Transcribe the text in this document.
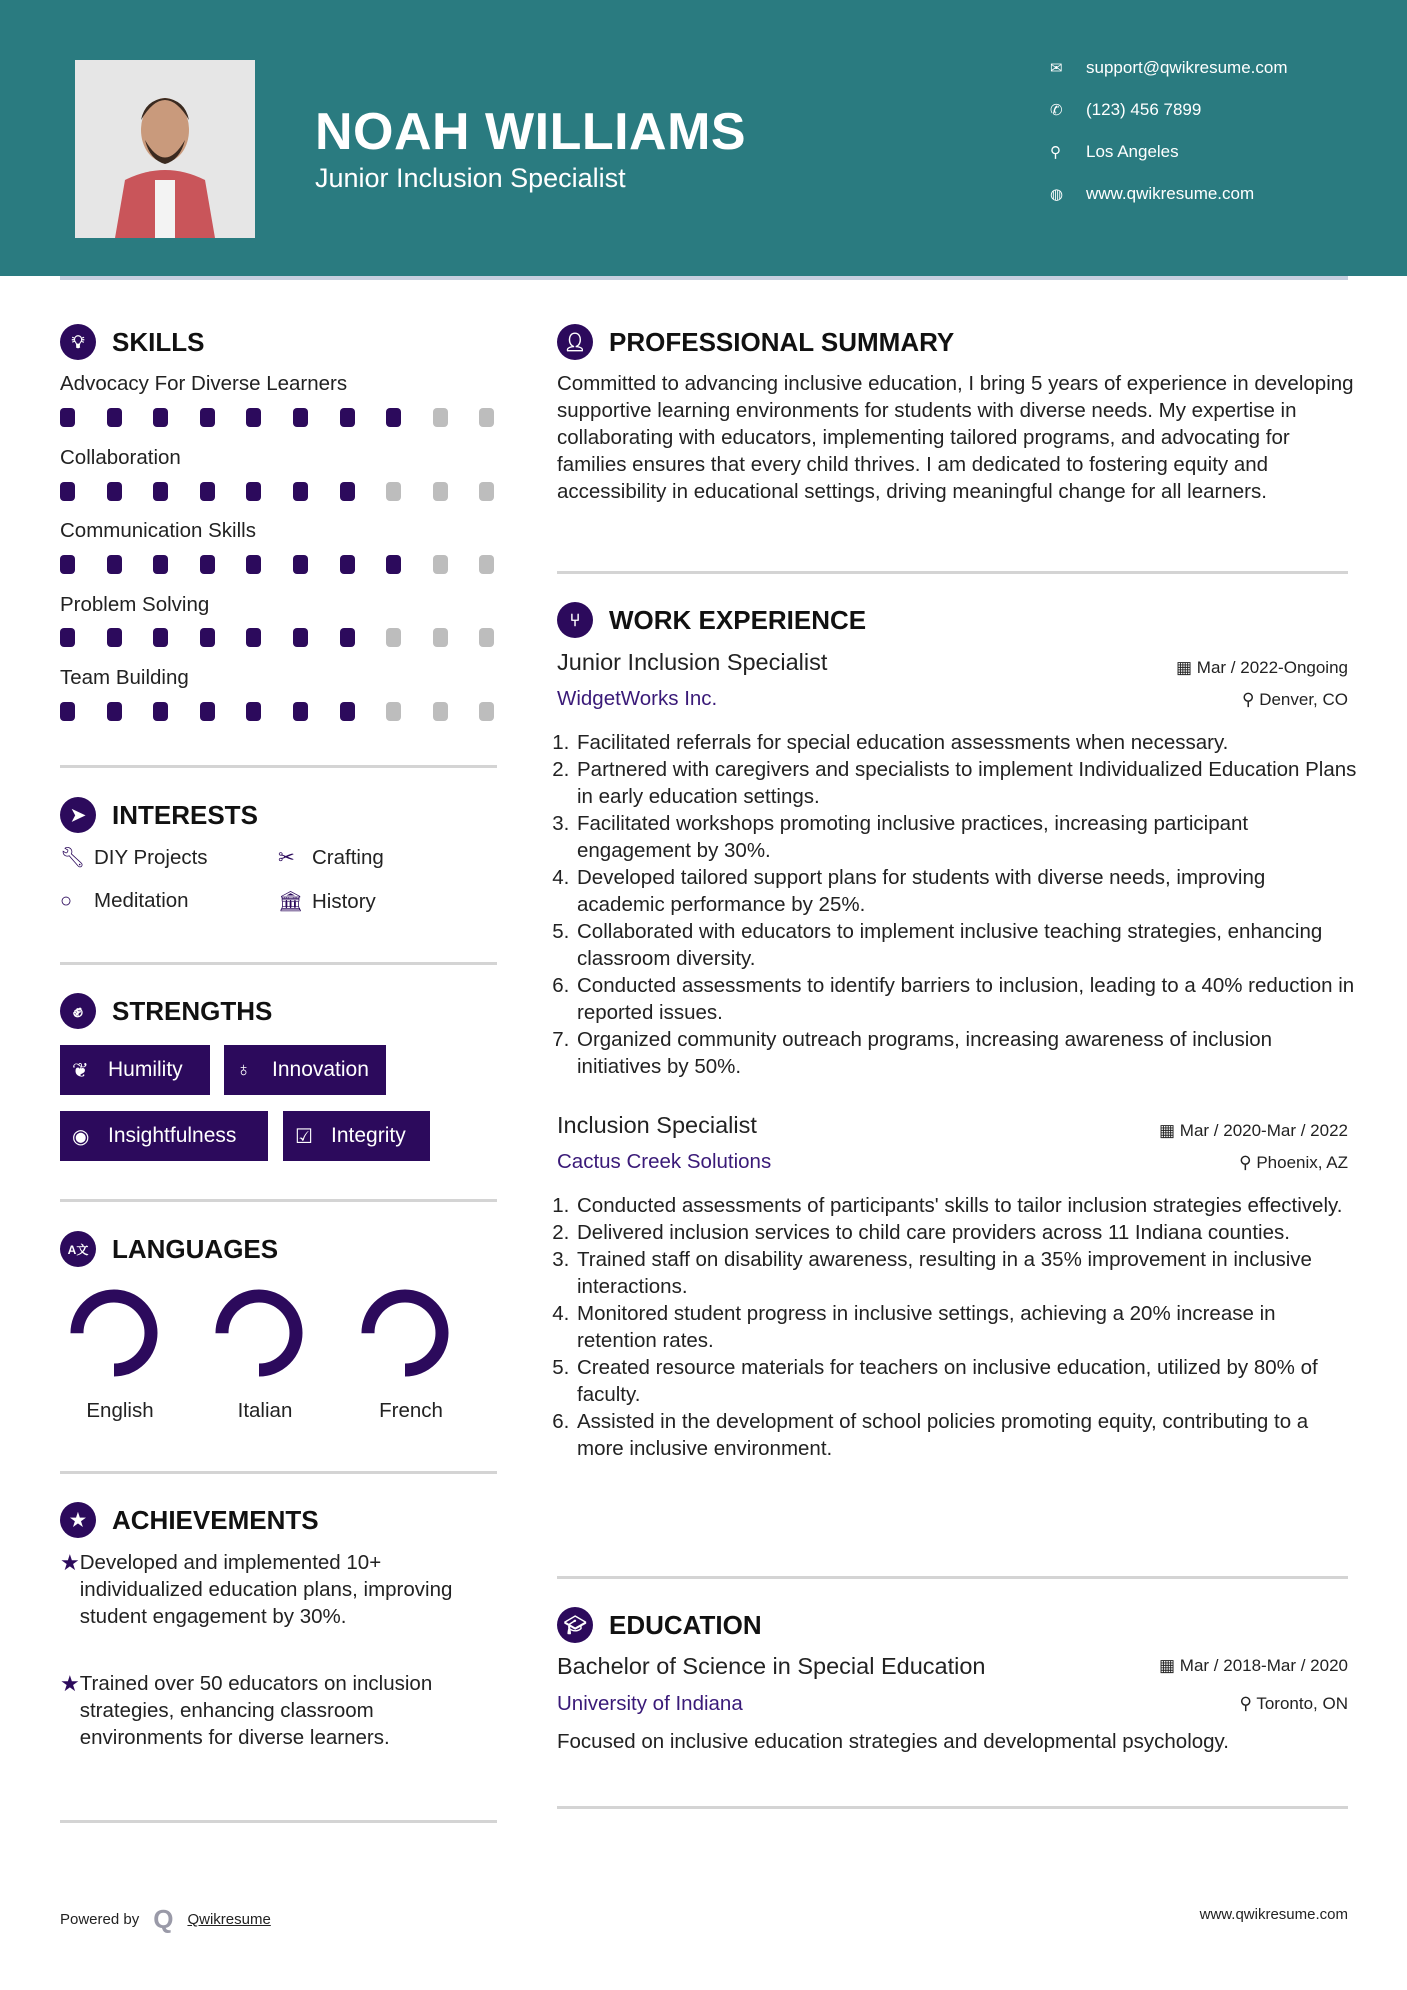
NOAH WILLIAMS
Junior Inclusion Specialist
✉	support@qwikresume.com
✆	(123) 456 7899
⚲	Los Angeles
◍	www.qwikresume.com
💡︎	SKILLS
Advocacy For Diverse Learners
Collaboration
Communication Skills
Problem Solving
Team Building
➤	INTERESTS
🔧︎ DIY Projects	✂ Crafting
○	Meditation	🏛︎ History
✊︎	STRENGTHS
❦ Humility	♁	Innovation
◉ Insightfulness	☑ Integrity
A文 LANGUAGES
English	Italian	French
★ ACHIEVEMENTS
★ Developed and implemented 10+ individualized education plans, improving student engagement by 30%.
★ Trained over 50 educators on inclusion strategies, enhancing classroom environments for diverse learners.
👤︎ PROFESSIONAL SUMMARY
Committed to advancing inclusive education, I bring 5 years of experience in developing supportive learning environments for students with diverse needs. My expertise in collaborating with educators, implementing tailored programs, and advocating for families ensures that every child thrives. I am dedicated to fostering equity and accessibility in educational settings, driving meaningful change for all learners.
⑂	WORK EXPERIENCE
Junior Inclusion Specialist
WidgetWorks Inc.
▦ Mar / 2022-Ongoing
⚲ Denver, CO
1. Facilitated referrals for special education assessments when necessary.
2. Partnered with caregivers and specialists to implement Individualized Education Plans in early education settings.
3. Facilitated workshops promoting inclusive practices, increasing participant engagement by 30%.
4. Developed tailored support plans for students with diverse needs, improving academic performance by 25%.
5. Collaborated with educators to implement inclusive teaching strategies, enhancing classroom diversity.
6. Conducted assessments to identify barriers to inclusion, leading to a 40% reduction in reported issues.
7. Organized community outreach programs, increasing awareness of inclusion initiatives by 50%.
Inclusion Specialist
Cactus Creek Solutions
▦ Mar / 2020-Mar / 2022
⚲ Phoenix, AZ
1. Conducted assessments of participants' skills to tailor inclusion strategies effectively.
2. Delivered inclusion services to child care providers across 11 Indiana counties.
3. Trained staff on disability awareness, resulting in a 35% improvement in inclusive interactions.
4. Monitored student progress in inclusive settings, achieving a 20% increase in retention rates.
5. Created resource materials for teachers on inclusive education, utilized by 80% of faculty.
6. Assisted in the development of school policies promoting equity, contributing to a more inclusive environment.
🎓︎ EDUCATION
Bachelor of Science in Special Education
University of Indiana
▦ Mar / 2018-Mar / 2020
⚲ Toronto, ON
Focused on inclusive education strategies and developmental psychology.
Powered by Q Qwikresume	www.qwikresume.com
